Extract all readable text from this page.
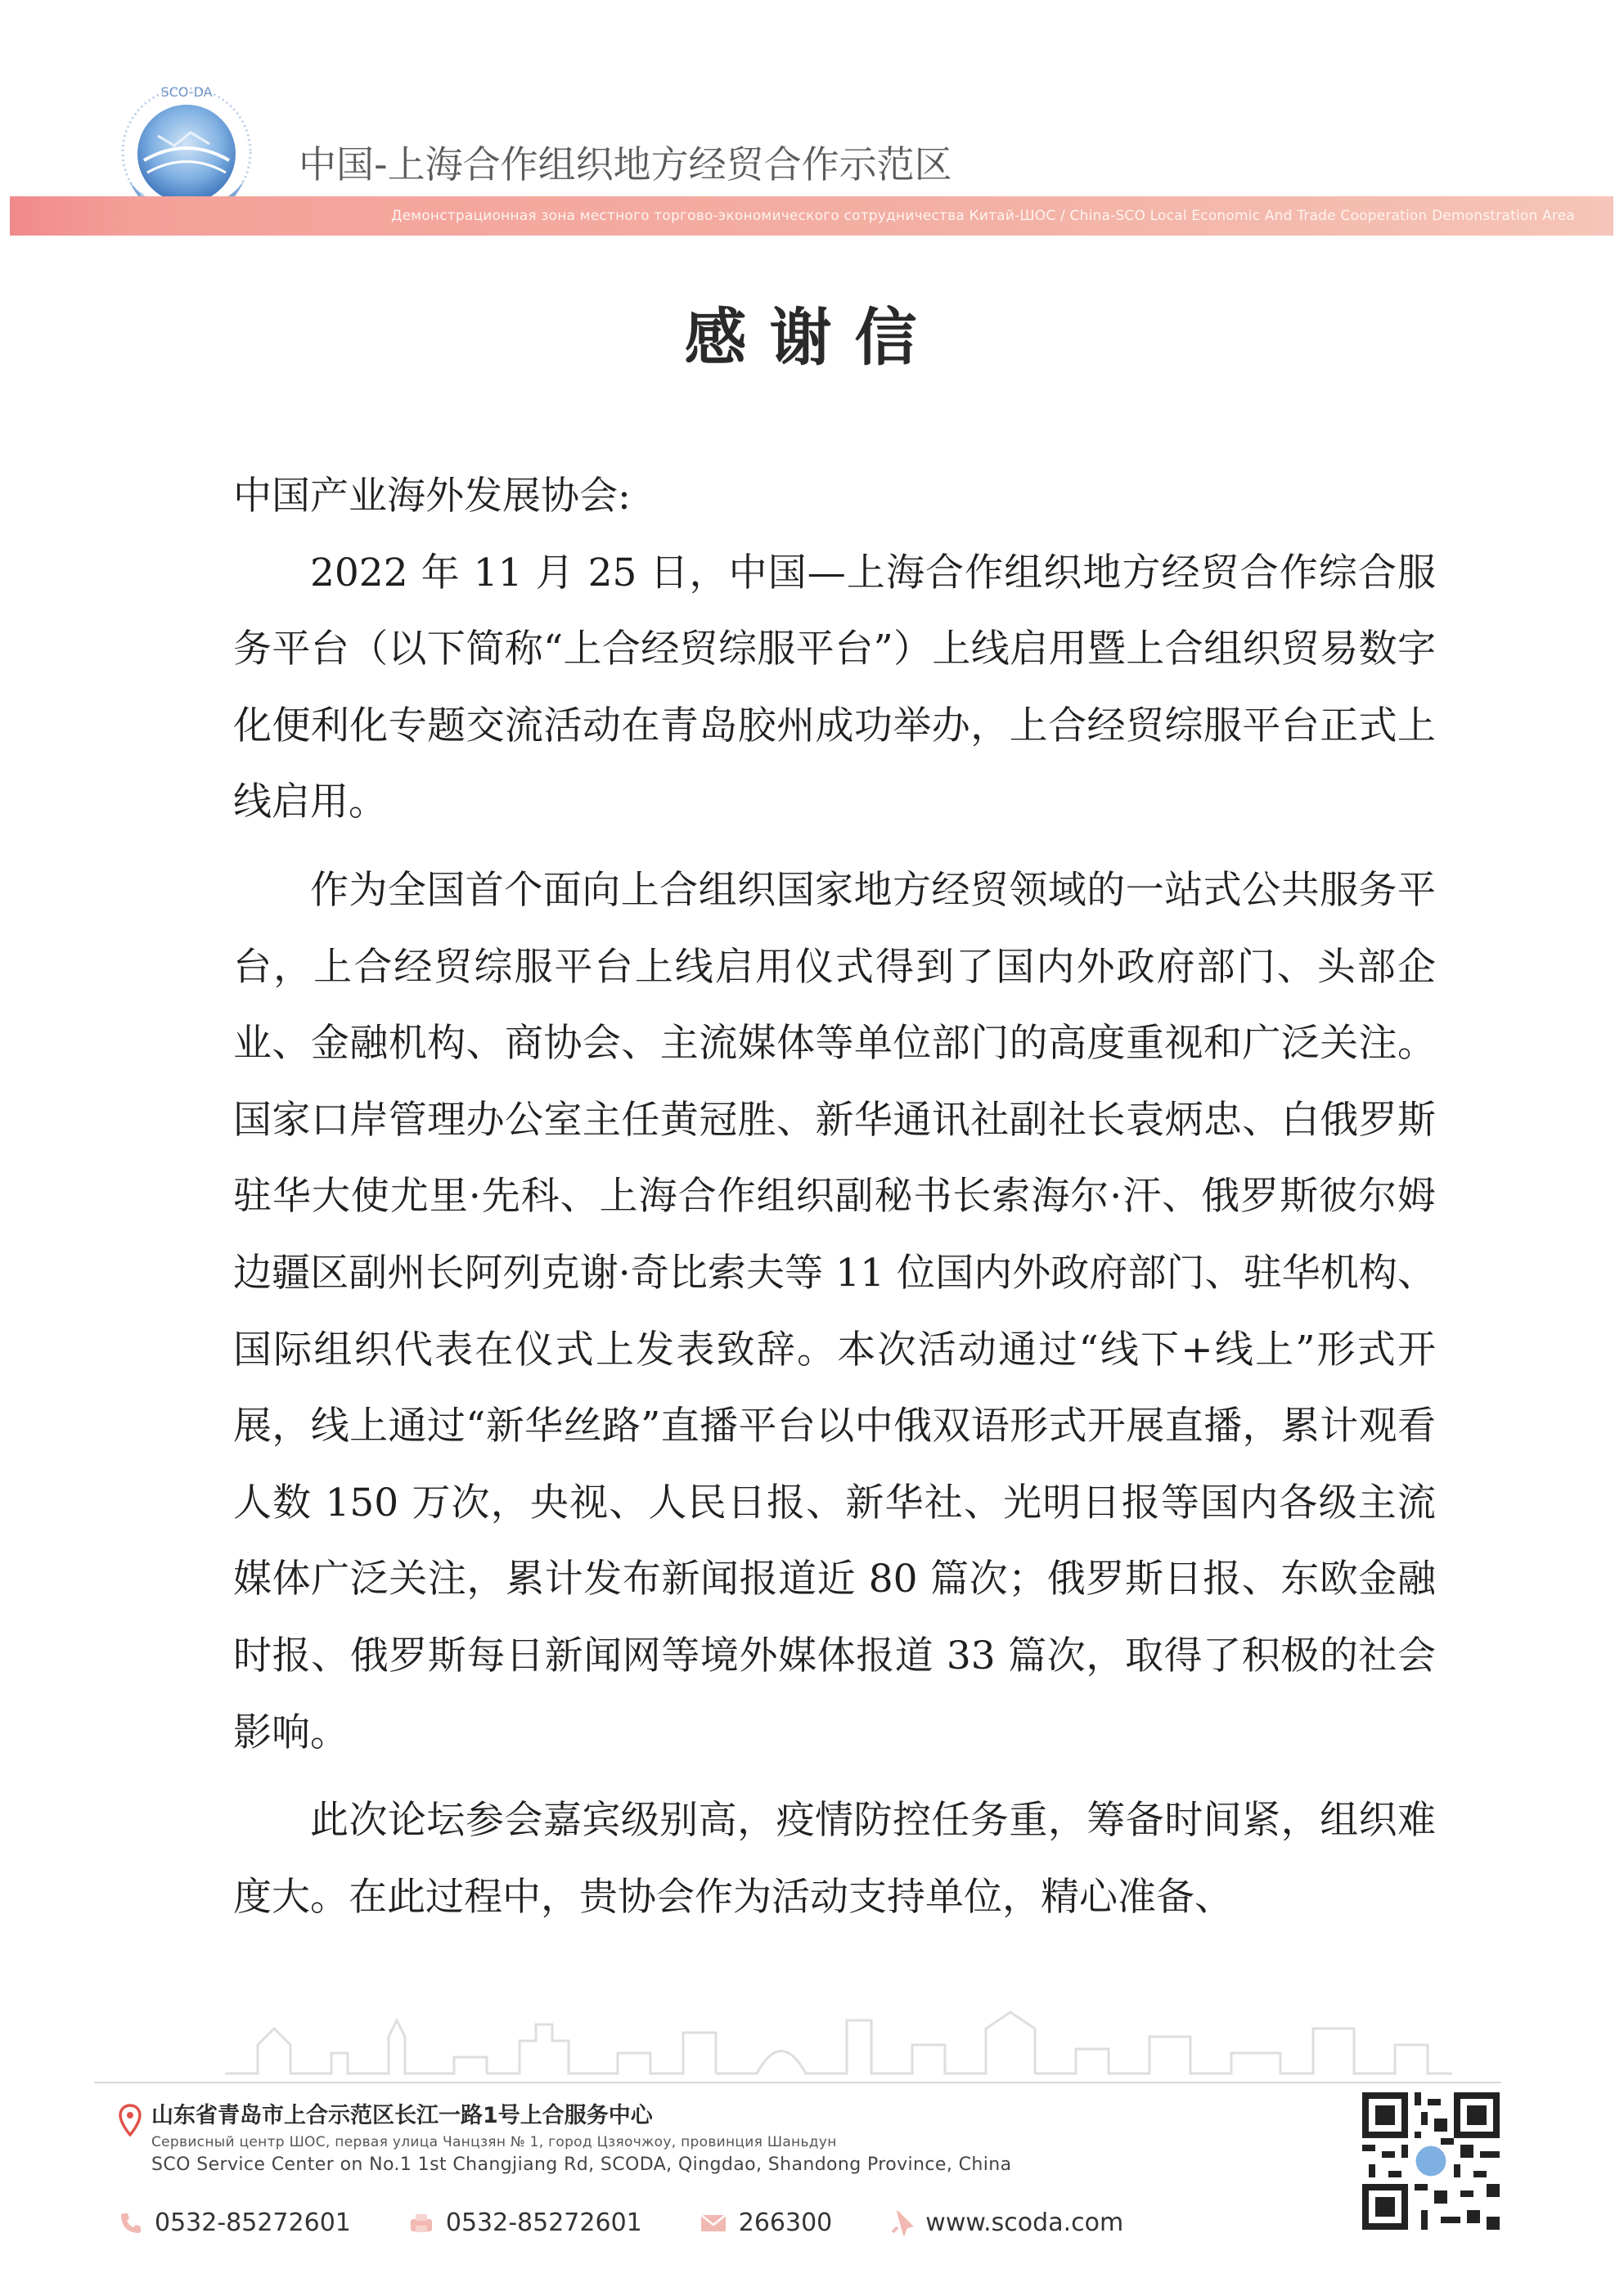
SCO-DA
中国-上海合作组织地方经贸合作示范区
Демонстрационная зона местного торгово-экономического сотрудничества Китай-ШОС / China-SCO Local Economic And Trade Cooperation Demonstration Area
感谢信

中国产业海外发展协会:

2022 年 11 月 25 日，中国—上海合作组织地方经贸合作综合服务平台（以下简称“上合经贸综服平台”）上线启用暨上合组织贸易数字化便利化专题交流活动在青岛胶州成功举办，上合经贸综服平台正式上线启用。

作为全国首个面向上合组织国家地方经贸领域的一站式公共服务平台，上合经贸综服平台上线启用仪式得到了国内外政府部门、头部企业、金融机构、商协会、主流媒体等单位部门的高度重视和广泛关注。国家口岸管理办公室主任黄冠胜、新华通讯社副社长袁炳忠、白俄罗斯驻华大使尤里·先科、上海合作组织副秘书长索海尔·汗、俄罗斯彼尔姆边疆区副州长阿列克谢·奇比索夫等 11 位国内外政府部门、驻华机构、国际组织代表在仪式上发表致辞。本次活动通过“线下+线上”形式开展，线上通过“新华丝路”直播平台以中俄双语形式开展直播，累计观看人数 150 万次，央视、人民日报、新华社、光明日报等国内各级主流媒体广泛关注，累计发布新闻报道近 80 篇次；俄罗斯日报、东欧金融时报、俄罗斯每日新闻网等境外媒体报道 33 篇次，取得了积极的社会影响。

此次论坛参会嘉宾级别高，疫情防控任务重，筹备时间紧，组织难度大。在此过程中，贵协会作为活动支持单位，精心准备、

山东省青岛市上合示范区长江一路1号上合服务中心
Сервисный центр ШОС, первая улица Чанцзян № 1, город Цзяочжоу, провинция Шаньдун
SCO Service Center on No.1 1st Changjiang Rd, SCODA, Qingdao, Shandong Province, China
0532-85272601	0532-85272601	266300	www.scoda.com
